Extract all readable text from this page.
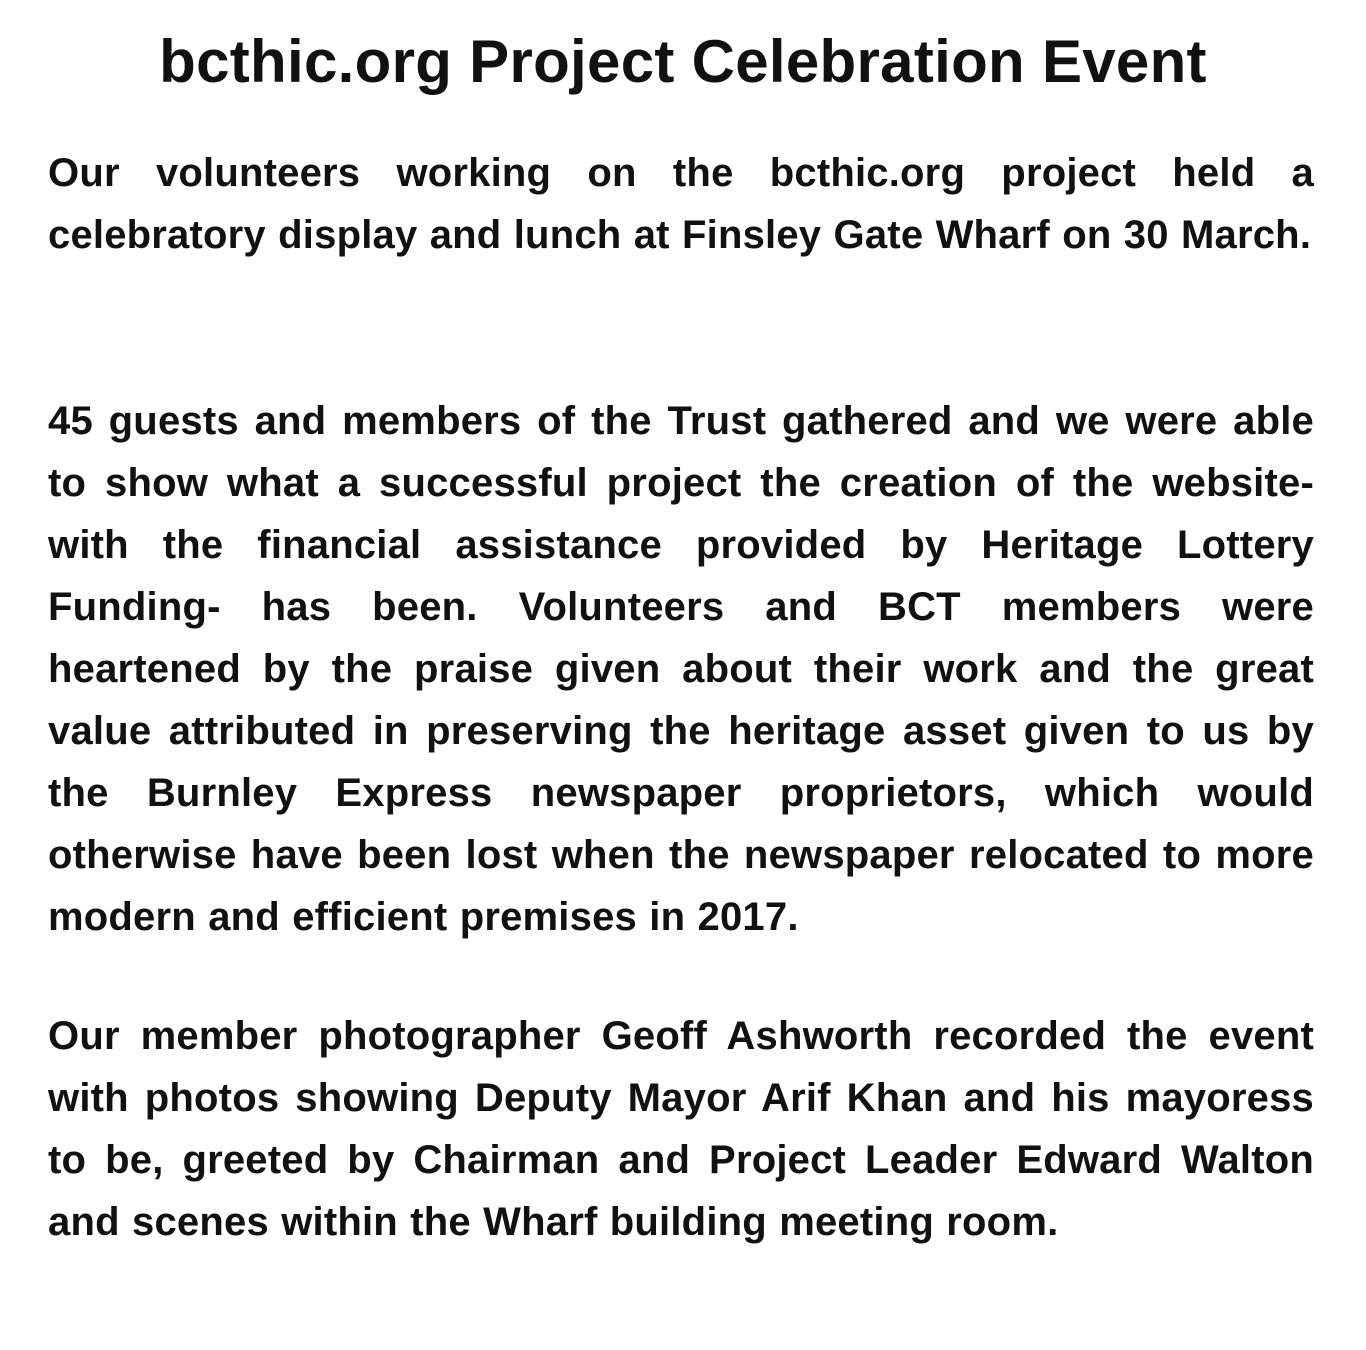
bcthic.org Project Celebration Event

Our volunteers working on the bcthic.org project held a celebratory display and lunch at Finsley Gate Wharf on 30 March.

45 guests and members of the Trust gathered and we were able to show what a successful project the creation of the website-with the financial assistance provided by Heritage Lottery Funding- has been. Volunteers and BCT members were heartened by the praise given about their work and the great value attributed in preserving the heritage asset given to us by the Burnley Express newspaper proprietors, which would otherwise have been lost when the newspaper relocated to more modern and efficient premises in 2017.

Our member photographer Geoff Ashworth recorded the event with photos showing Deputy Mayor Arif Khan and his mayoress to be, greeted by Chairman and Project Leader Edward Walton and scenes within the Wharf building meeting room.
